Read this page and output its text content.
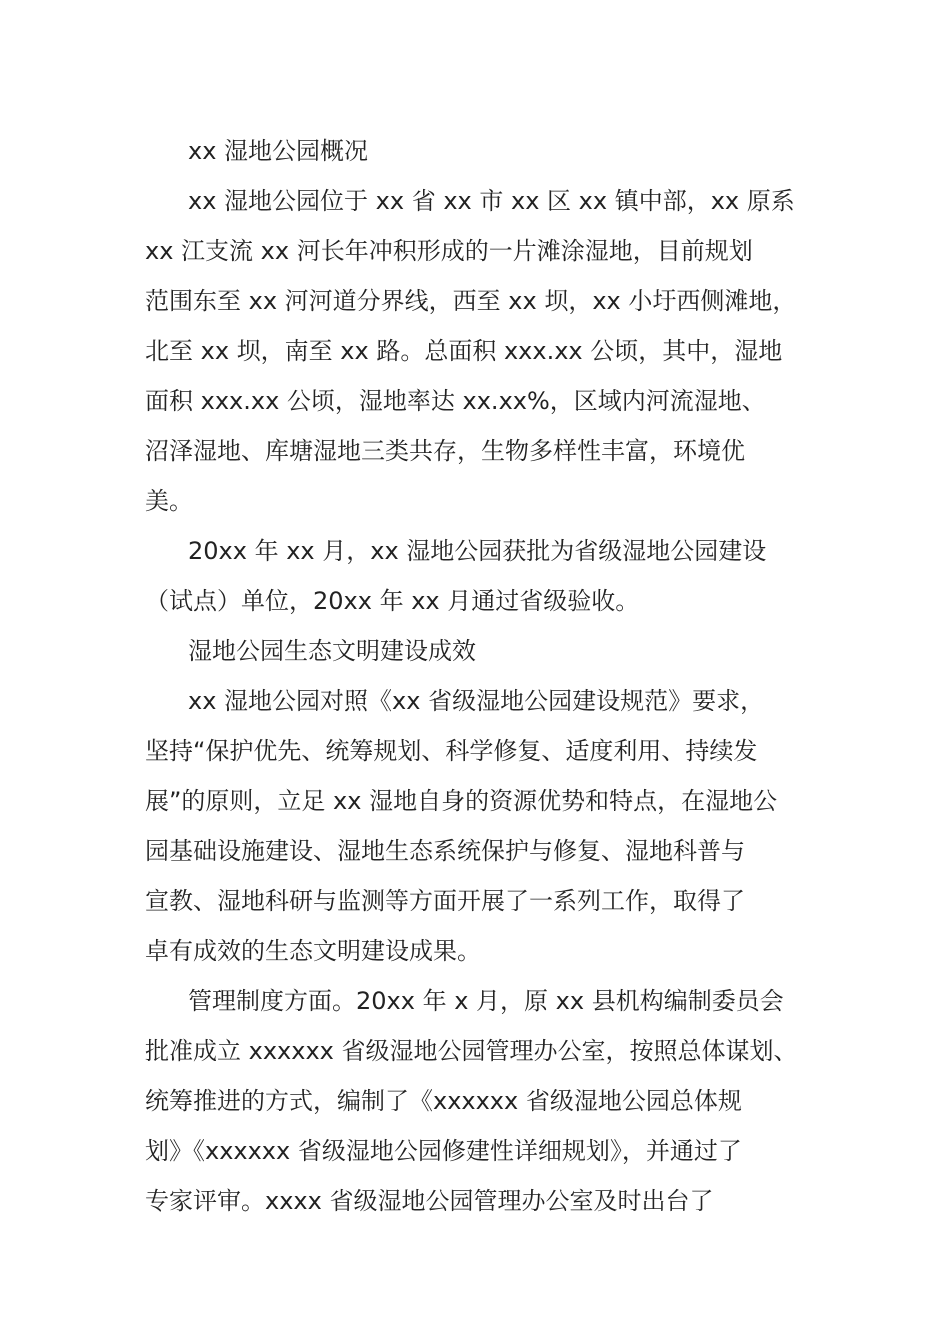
xx 湿地公园概况
xx 湿地公园位于 xx 省 xx 市 xx 区 xx 镇中部，xx 原系
xx 江支流 xx 河长年冲积形成的一片滩涂湿地，目前规划
范围东至 xx 河河道分界线，西至 xx 坝，xx 小圩西侧滩地，
北至 xx 坝，南至 xx 路。总面积 xxx.xx 公顷，其中，湿地
面积 xxx.xx 公顷，湿地率达 xx.xx%，区域内河流湿地、
沼泽湿地、库塘湿地三类共存，生物多样性丰富，环境优
美。
20xx 年 xx 月，xx 湿地公园获批为省级湿地公园建设
（试点）单位，20xx 年 xx 月通过省级验收。
湿地公园生态文明建设成效
xx 湿地公园对照《xx 省级湿地公园建设规范》要求，
坚持“保护优先、统筹规划、科学修复、适度利用、持续发
展”的原则，立足 xx 湿地自身的资源优势和特点，在湿地公
园基础设施建设、湿地生态系统保护与修复、湿地科普与
宣教、湿地科研与监测等方面开展了一系列工作，取得了
卓有成效的生态文明建设成果。
管理制度方面。20xx 年 x 月，原 xx 县机构编制委员会
批准成立 xxxxxx 省级湿地公园管理办公室，按照总体谋划、
统筹推进的方式，编制了《xxxxxx 省级湿地公园总体规
划》《xxxxxx 省级湿地公园修建性详细规划》，并通过了
专家评审。xxxx 省级湿地公园管理办公室及时出台了
